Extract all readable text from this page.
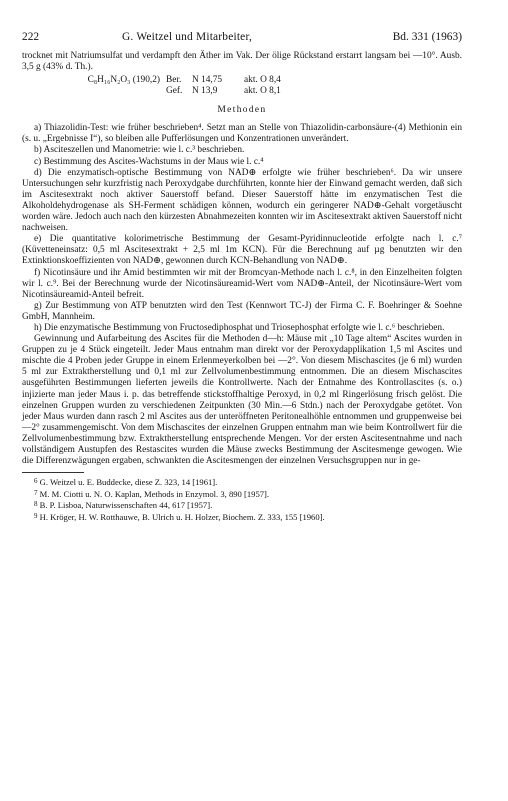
222	G. Weitzel und Mitarbeiter,	Bd. 331 (1963)

trocknet mit Natriumsulfat und verdampft den Äther im Vak. Der ölige Rückstand erstarrt langsam bei —10°. Ausb. 3,5 g (43% d. Th.).

C₈H₁₆N₂O₃ (190,2)	Ber.	N 14,75	akt. O 8,4
	Gef.	N 13,9	akt. O 8,1
Methoden

a) Thiazolidin-Test: wie früher beschrieben⁴. Setzt man an Stelle von Thiazolidin-carbonsäure-(4) Methionin ein (s. u. „Ergebnisse I“), so bleiben alle Pufferlösungen und Konzentrationen unverändert.

b) Asciteszellen und Manometrie: wie l. c.³ beschrieben.

c) Bestimmung des Ascites-Wachstums in der Maus wie l. c.⁴

d) Die enzymatisch-optische Bestimmung von NAD⊕ erfolgte wie früher beschrieben⁶. Da wir unsere Untersuchungen sehr kurzfristig nach Peroxydgabe durchführten, konnte hier der Einwand gemacht werden, daß sich im Ascitesextrakt noch aktiver Sauerstoff befand. Dieser Sauerstoff hätte im enzymatischen Test die Alkoholdehydrogenase als SH-Ferment schädigen können, wodurch ein geringerer NAD⊕-Gehalt vorgetäuscht worden wäre. Jedoch auch nach den kürzesten Abnahmezeiten konnten wir im Ascitesextrakt aktiven Sauerstoff nicht nachweisen.

e) Die quantitative kolorimetrische Bestimmung der Gesamt-Pyridinnucleotide erfolgte nach l. c.⁷ (Küvetteneinsatz: 0,5 ml Ascitesextrakt + 2,5 ml 1m KCN). Für die Berechnung auf µg benutzten wir den Extinktionskoeffizienten von NAD⊕, gewonnen durch KCN-Behandlung von NAD⊕.

f) Nicotinsäure und ihr Amid bestimmten wir mit der Bromcyan-Methode nach l. c.⁸, in den Einzelheiten folgten wir l. c.⁹. Bei der Berechnung wurde der Nicotinsäureamid-Wert vom NAD⊕-Anteil, der Nicotinsäure-Wert vom Nicotinsäureamid-Anteil befreit.

g) Zur Bestimmung von ATP benutzten wird den Test (Kennwort TC-J) der Firma C. F. Boehringer & Soehne GmbH, Mannheim.

h) Die enzymatische Bestimmung von Fructosediphosphat und Triosephosphat erfolgte wie l. c.⁶ beschrieben.

Gewinnung und Aufarbeitung des Ascites für die Methoden d—h: Mäuse mit „10 Tage altem“ Ascites wurden in Gruppen zu je 4 Stück eingeteilt. Jeder Maus entnahm man direkt vor der Peroxydapplikation 1,5 ml Ascites und mischte die 4 Proben jeder Gruppe in einem Erlenmeyerkolben bei —2°. Von diesem Mischascites (je 6 ml) wurden 5 ml zur Extraktherstellung und 0,1 ml zur Zellvolumenbestimmung entnommen. Die an diesem Mischascites ausgeführten Bestimmungen lieferten jeweils die Kontrollwerte. Nach der Entnahme des Kontrollascites (s. o.) injizierte man jeder Maus i. p. das betreffende stickstoffhaltige Peroxyd, in 0,2 ml Ringerlösung frisch gelöst. Die einzelnen Gruppen wurden zu verschiedenen Zeitpunkten (30 Min.—6 Stdn.) nach der Peroxydgabe getötet. Von jeder Maus wurden dann rasch 2 ml Ascites aus der unteröffneten Peritonealhöhle entnommen und gruppenweise bei —2° zusammengemischt. Von dem Mischascites der einzelnen Gruppen entnahm man wie beim Kontrollwert für die Zellvolumenbestimmung bzw. Extraktherstellung entsprechende Mengen. Vor der ersten Ascitesentnahme und nach vollständigem Austupfen des Restascites wurden die Mäuse zwecks Bestimmung der Ascitesmenge gewogen. Wie die Differenzwägungen ergaben, schwankten die Ascitesmengen der einzelnen Versuchsgruppen nur in ge-

$^6$ G. Weitzel u. E. Buddecke, diese Z. 323, 14 [1961].

$^7$ M. M. Ciotti u. N. O. Kaplan, Methods in Enzymol. 3, 890 [1957].

$^8$ B. P. Lisboa, Naturwissenschaften 44, 617 [1957].

$^9$ H. Kröger, H. W. Rotthauwe, B. Ulrich u. H. Holzer, Biochem. Z. 333, 155 [1960].
